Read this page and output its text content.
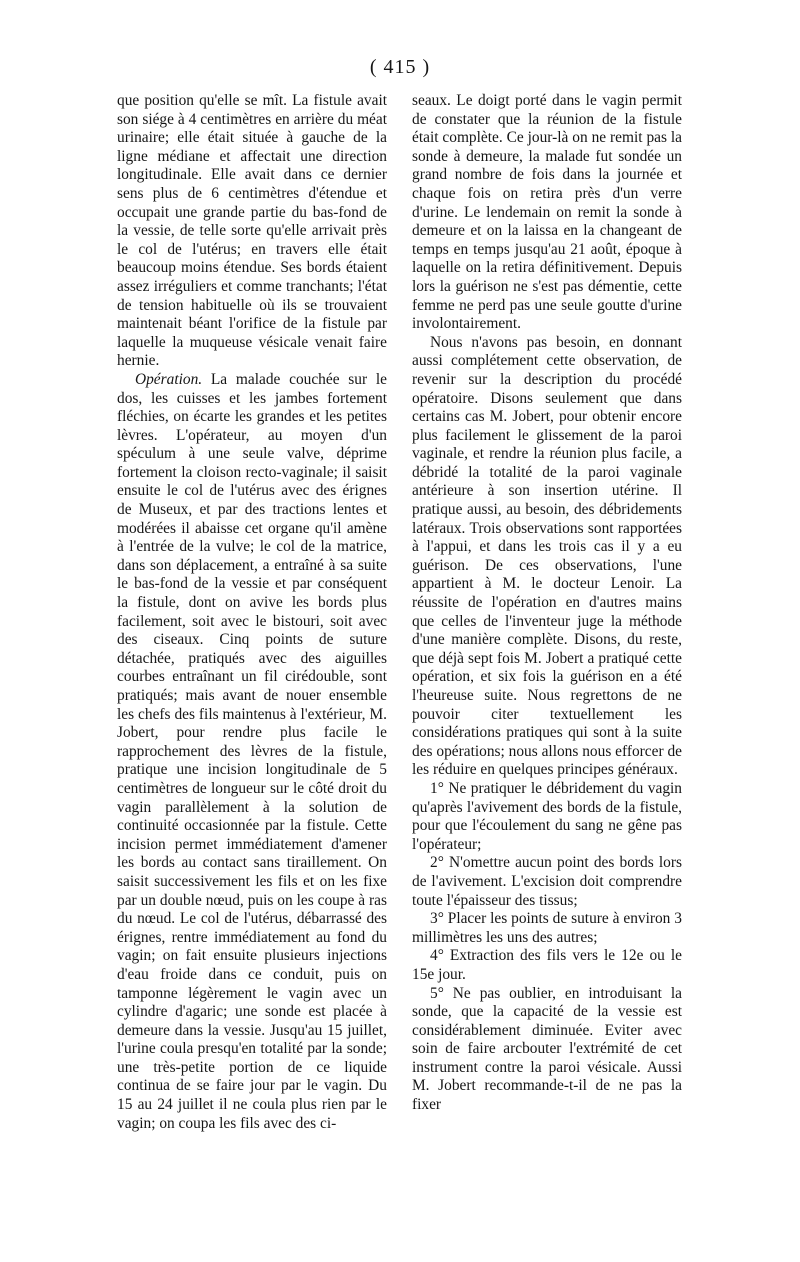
( 415 )

que position qu'elle se mît. La fistule avait son siége à 4 centimètres en arrière du méat urinaire; elle était située à gauche de la ligne médiane et affectait une direction longitudinale. Elle avait dans ce dernier sens plus de 6 centimètres d'étendue et occupait une grande partie du bas-fond de la vessie, de telle sorte qu'elle arrivait près le col de l'utérus; en travers elle était beaucoup moins étendue. Ses bords étaient assez irréguliers et comme tranchants; l'état de tension habituelle où ils se trouvaient maintenait béant l'orifice de la fistule par laquelle la muqueuse vésicale venait faire hernie.

Opération. La malade couchée sur le dos, les cuisses et les jambes fortement fléchies, on écarte les grandes et les petites lèvres. L'opérateur, au moyen d'un spéculum à une seule valve, déprime fortement la cloison recto-vaginale; il saisit ensuite le col de l'utérus avec des érignes de Museux, et par des tractions lentes et modérées il abaisse cet organe qu'il amène à l'entrée de la vulve; le col de la matrice, dans son déplacement, a entraîné à sa suite le bas-fond de la vessie et par conséquent la fistule, dont on avive les bords plus facilement, soit avec le bistouri, soit avec des ciseaux. Cinq points de suture détachée, pratiqués avec des aiguilles courbes entraînant un fil cirédouble, sont pratiqués; mais avant de nouer ensemble les chefs des fils maintenus à l'extérieur, M. Jobert, pour rendre plus facile le rapprochement des lèvres de la fistule, pratique une incision longitudinale de 5 centimètres de longueur sur le côté droit du vagin parallèlement à la solution de continuité occasionnée par la fistule. Cette incision permet immédiatement d'amener les bords au contact sans tiraillement. On saisit successivement les fils et on les fixe par un double nœud, puis on les coupe à ras du nœud. Le col de l'utérus, débarrassé des érignes, rentre immédiatement au fond du vagin; on fait ensuite plusieurs injections d'eau froide dans ce conduit, puis on tamponne légèrement le vagin avec un cylindre d'agaric; une sonde est placée à demeure dans la vessie. Jusqu'au 15 juillet, l'urine coula presqu'en totalité par la sonde; une très-petite portion de ce liquide continua de se faire jour par le vagin. Du 15 au 24 juillet il ne coula plus rien par le vagin; on coupa les fils avec des ci-

seaux. Le doigt porté dans le vagin permit de constater que la réunion de la fistule était complète. Ce jour-là on ne remit pas la sonde à demeure, la malade fut sondée un grand nombre de fois dans la journée et chaque fois on retira près d'un verre d'urine. Le lendemain on remit la sonde à demeure et on la laissa en la changeant de temps en temps jusqu'au 21 août, époque à laquelle on la retira définitivement. Depuis lors la guérison ne s'est pas démentie, cette femme ne perd pas une seule goutte d'urine involontairement.

Nous n'avons pas besoin, en donnant aussi complétement cette observation, de revenir sur la description du procédé opératoire. Disons seulement que dans certains cas M. Jobert, pour obtenir encore plus facilement le glissement de la paroi vaginale, et rendre la réunion plus facile, a débridé la totalité de la paroi vaginale antérieure à son insertion utérine. Il pratique aussi, au besoin, des débridements latéraux. Trois observations sont rapportées à l'appui, et dans les trois cas il y a eu guérison. De ces observations, l'une appartient à M. le docteur Lenoir. La réussite de l'opération en d'autres mains que celles de l'inventeur juge la méthode d'une manière complète. Disons, du reste, que déjà sept fois M. Jobert a pratiqué cette opération, et six fois la guérison en a été l'heureuse suite. Nous regrettons de ne pouvoir citer textuellement les considérations pratiques qui sont à la suite des opérations; nous allons nous efforcer de les réduire en quelques principes généraux.

1° Ne pratiquer le débridement du vagin qu'après l'avivement des bords de la fistule, pour que l'écoulement du sang ne gêne pas l'opérateur;

2° N'omettre aucun point des bords lors de l'avivement. L'excision doit comprendre toute l'épaisseur des tissus;

3° Placer les points de suture à environ 3 millimètres les uns des autres;

4° Extraction des fils vers le 12e ou le 15e jour.

5° Ne pas oublier, en introduisant la sonde, que la capacité de la vessie est considérablement diminuée. Eviter avec soin de faire arcbouter l'extrémité de cet instrument contre la paroi vésicale. Aussi M. Jobert recommande-t-il de ne pas la fixer
